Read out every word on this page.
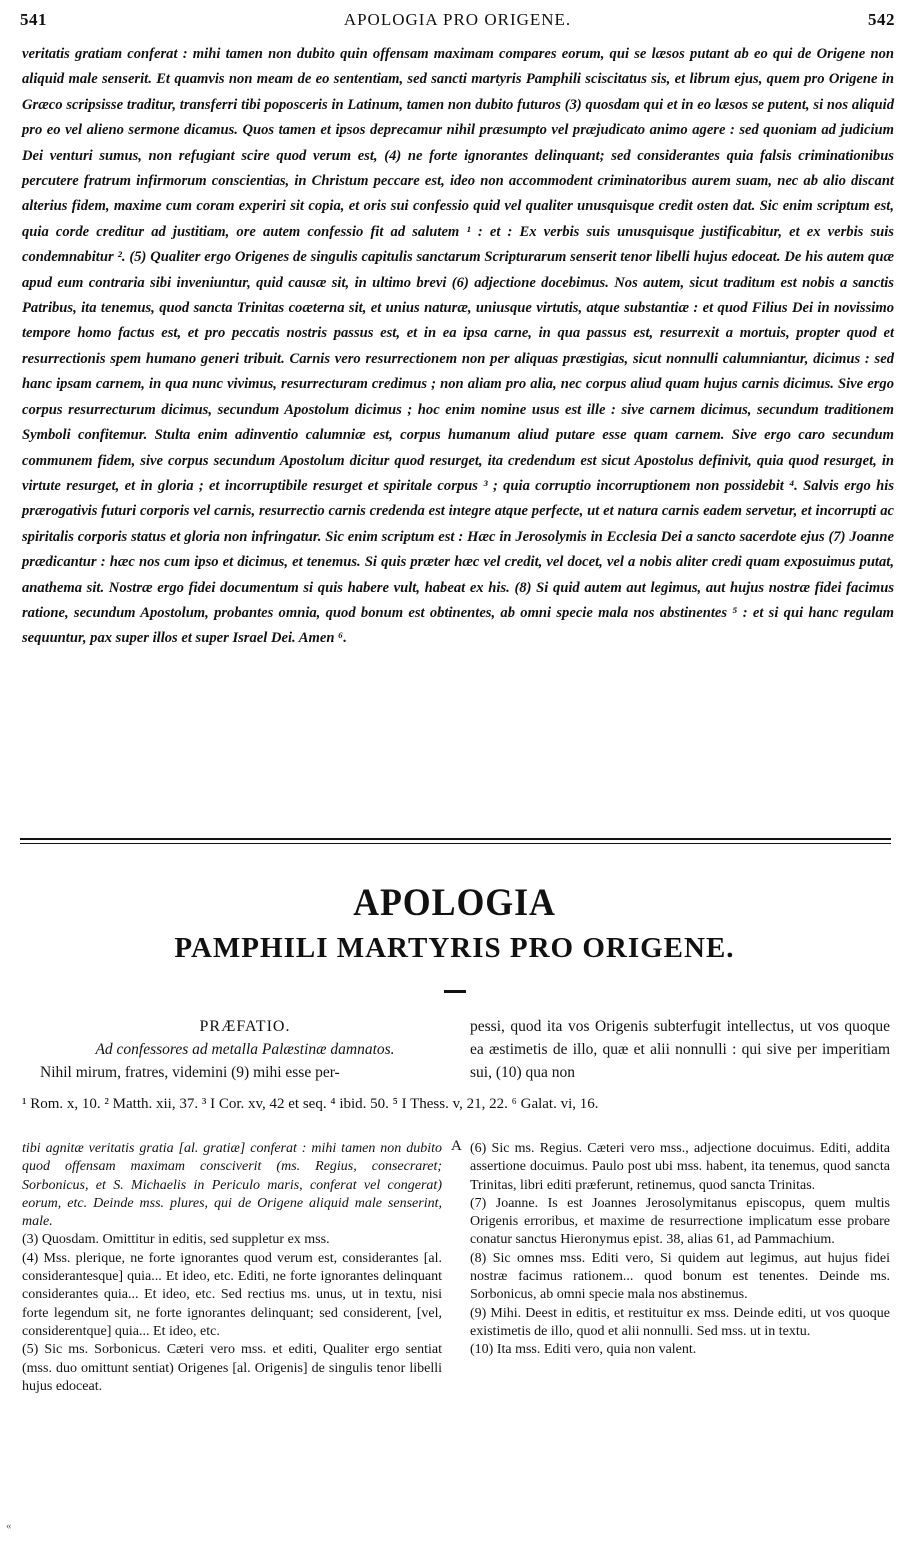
541	APOLOGIA PRO ORIGENE.	542

veritatis gratiam conferat : mihi tamen non dubito quin offensam maximam compares eorum, qui se læsos putant ab eo qui de Origene non aliquid male senserit. Et quamvis non meam de eo sententiam, sed sancti martyris Pamphili sciscitatus sis, et librum ejus, quem pro Origene in Græco scripsisse traditur, transferri tibi poposceris in Latinum, tamen non dubito futuros (3) quosdam qui et in eo læsos se putent, si nos aliquid pro eo vel alieno sermone dicamus. Quos tamen et ipsos deprecamur nihil præsumpto vel præjudicato animo agere : sed quoniam ad judicium Dei venturi sumus, non refugiant scire quod verum est, (4) ne forte ignorantes delinquant; sed considerantes quia falsis criminationibus percutere fratrum infirmorum conscientias, in Christum peccare est, ideo non accommodent criminatoribus aurem suam, nec ab alio discant alterius fidem, maxime cum coram experiri sit copia, et oris sui confessio quid vel qualiter unusquisque credit osten dat. Sic enim scriptum est, quia corde creditur ad justitiam, ore autem confessio fit ad salutem ¹ : et : Ex verbis suis unusquisque justificabitur, et ex verbis suis condemnabitur ². (5) Qualiter ergo Origenes de singulis capitulis sanctarum Scripturarum senserit tenor libelli hujus edoceat. De his autem quæ apud eum contraria sibi inveniuntur, quid causæ sit, in ultimo brevi (6) adjectione docebimus. Nos autem, sicut traditum est nobis a sanctis Patribus, ita tenemus, quod sancta Trinitas coæterna sit, et unius naturæ, uniusque virtutis, atque substantiæ : et quod Filius Dei in novissimo tempore homo factus est, et pro peccatis nostris passus est, et in ea ipsa carne, in qua passus est, resurrexit a mortuis, propter quod et resurrectionis spem humano generi tribuit. Carnis vero resurrectionem non per aliquas præstigias, sicut nonnulli calumniantur, dicimus : sed hanc ipsam carnem, in qua nunc vivimus, resurrecturam credimus ; non aliam pro alia, nec corpus aliud quam hujus carnis dicimus. Sive ergo corpus resurrecturum dicimus, secundum Apostolum dicimus ; hoc enim nomine usus est ille : sive carnem dicimus, secundum traditionem Symboli confitemur. Stulta enim adinventio calumniæ est, corpus humanum aliud putare esse quam carnem. Sive ergo caro secundum communem fidem, sive corpus secundum Apostolum dicitur quod resurget, ita credendum est sicut Apostolus definivit, quia quod resurget, in virtute resurget, et in gloria ; et incorruptibile resurget et spiritale corpus ³ ; quia corruptio incorruptionem non possidebit ⁴. Salvis ergo his prærogativis futuri corporis vel carnis, resurrectio carnis credenda est integre atque perfecte, ut et natura carnis eadem servetur, et incorrupti ac spiritalis corporis status et gloria non infringatur. Sic enim scriptum est : Hæc in Jerosolymis in Ecclesia Dei a sancto sacerdote ejus (7) Joanne prædicantur : hæc nos cum ipso et dicimus, et tenemus. Si quis præter hæc vel credit, vel docet, vel a nobis aliter credi quam exposuimus putat, anathema sit. Nostræ ergo fidei documentum si quis habere vult, habeat ex his. (8) Si quid autem aut legimus, aut hujus nostræ fidei facimus ratione, secundum Apostolum, probantes omnia, quod bonum est obtinentes, ab omni specie mala nos abstinentes ⁵ : et si qui hanc regulam sequuntur, pax super illos et super Israel Dei. Amen ⁶.

APOLOGIA
PAMPHILI MARTYRIS PRO ORIGENE.

PRÆFATIO.

Ad confessores ad metalla Palæstinæ damnatos.

Nihil mirum, fratres, videmini (9) mihi esse per-

pessi, quod ita vos Origenis subterfugit intellectus, ut vos quoque ea æstimetis de illo, quæ et alii nonnulli : qui sive per imperitiam sui, (10) qua non

¹ Rom. x, 10. ² Matth. xii, 37. ³ I Cor. xv, 42 et seq. ⁴ ibid. 50. ⁵ I Thess. v, 21, 22. ⁶ Galat. vi, 16.

tibi agnitæ veritatis gratia [al. gratiæ] conferat : mihi tamen non dubito quod offensam maximam consciverit (ms. Regius, consecraret; Sorbonicus, et S. Michaelis in Periculo maris, conferat vel congerat) eorum, etc. Deinde mss. plures, qui de Origene aliquid male senserint, male.

(3) Quosdam. Omittitur in editis, sed suppletur ex mss.

(4) Mss. plerique, ne forte ignorantes quod verum est, considerantes [al. considerantesque] quia... Et ideo, etc. Editi, ne forte ignorantes delinquant considerantes quia... Et ideo, etc. Sed rectius ms. unus, ut in textu, nisi forte legendum sit, ne forte ignorantes delinquant; sed considerent, [vel, considerentque] quia... Et ideo, etc.

(5) Sic ms. Sorbonicus. Cæteri vero mss. et editi, Qualiter ergo sentiat (mss. duo omittunt sentiat) Origenes [al. Origenis] de singulis tenor libelli hujus edoceat.

A (6) Sic ms. Regius. Cæteri vero mss., adjectione docuimus. Editi, addita assertione docuimus. Paulo post ubi mss. habent, ita tenemus, quod sancta Trinitas, libri editi præferunt, retinemus, quod sancta Trinitas.

(7) Joanne. Is est Joannes Jerosolymitanus episcopus, quem multis Origenis erroribus, et maxime de resurrectione implicatum esse probare conatur sanctus Hieronymus epist. 38, alias 61, ad Pammachium.

(8) Sic omnes mss. Editi vero, Si quidem aut legimus, aut hujus fidei nostræ facimus rationem... quod bonum est tenentes. Deinde ms. Sorbonicus, ab omni specie mala nos abstinemus.

(9) Mihi. Deest in editis, et restituitur ex mss. Deinde editi, ut vos quoque existimetis de illo, quod et alii nonnulli. Sed mss. ut in textu.

(10) Ita mss. Editi vero, quia non valent.

«
